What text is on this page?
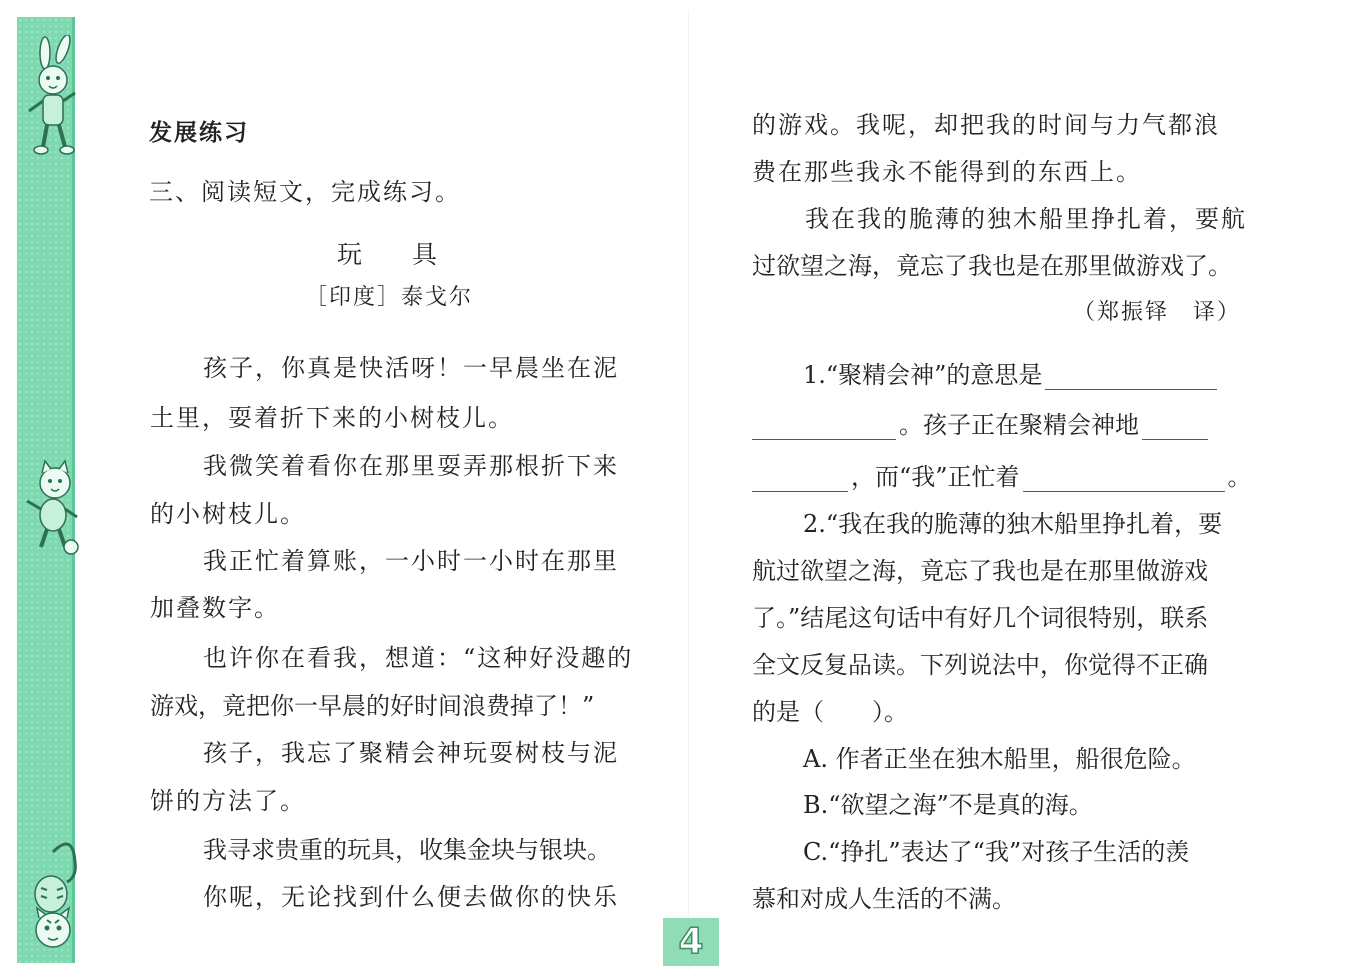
发展练习
三、阅读短文，完成练习。
玩　　具
［印度］泰戈尔
孩子，你真是快活呀！一早晨坐在泥
土里，耍着折下来的小树枝儿。
我微笑着看你在那里耍弄那根折下来
的小树枝儿。
我正忙着算账，一小时一小时在那里
加叠数字。
也许你在看我，想道：“这种好没趣的
游戏，竟把你一早晨的好时间浪费掉了！”
孩子，我忘了聚精会神玩耍树枝与泥
饼的方法了。
我寻求贵重的玩具，收集金块与银块。
你呢，无论找到什么便去做你的快乐
的游戏。我呢，却把我的时间与力气都浪
费在那些我永不能得到的东西上。
我在我的脆薄的独木船里挣扎着，要航
过欲望之海，竟忘了我也是在那里做游戏了。
（郑振铎　译）
1.“聚精会神”的意思是
。孩子正在聚精会神地
，而“我”正忙着	。
2.“我在我的脆薄的独木船里挣扎着，要
航过欲望之海，竟忘了我也是在那里做游戏
了。”结尾这句话中有好几个词很特别，联系
全文反复品读。下列说法中，你觉得不正确
的是（　　）。
A. 作者正坐在独木船里，船很危险。
B.“欲望之海”不是真的海。
C.“挣扎”表达了“我”对孩子生活的羡
慕和对成人生活的不满。
4
